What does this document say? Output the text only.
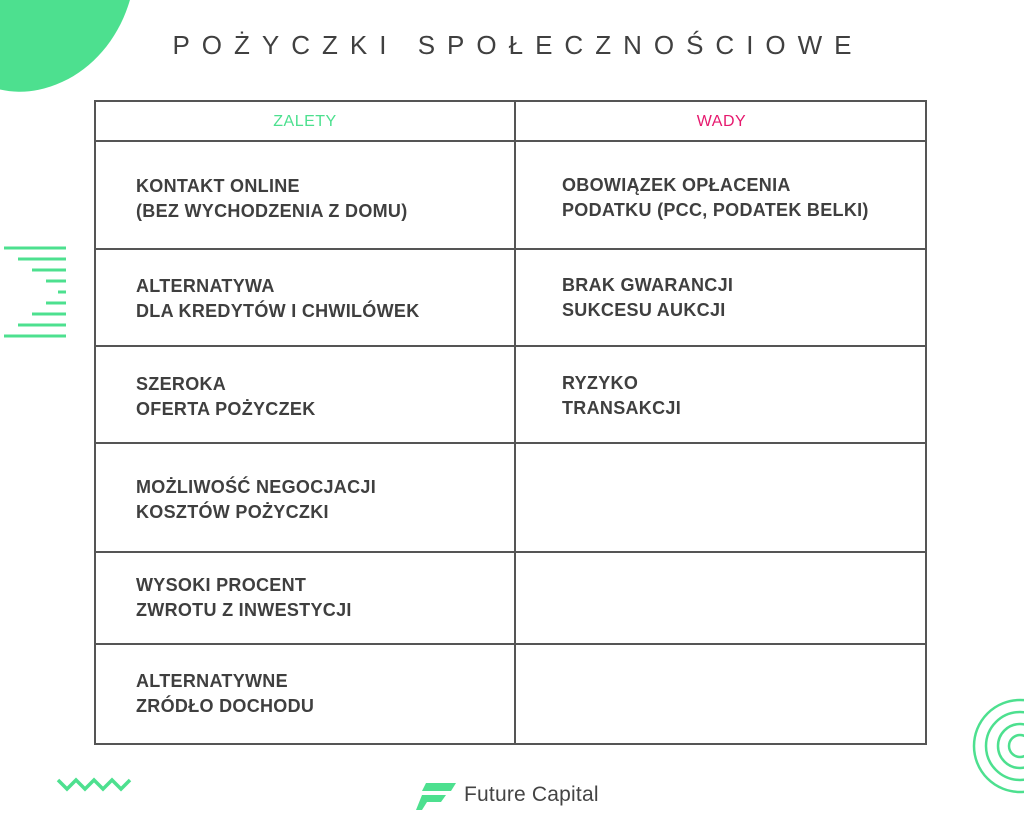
POŻYCZKI SPOŁECZNOŚCIOWE
ZALETY	WADY
KONTAKT ONLINE
(BEZ WYCHODZENIA Z DOMU)
ALTERNATYWA
DLA KREDYTÓW I CHWILÓWEK
SZEROKA
OFERTA POŻYCZEK
MOŻLIWOŚĆ NEGOCJACJI
KOSZTÓW POŻYCZKI
WYSOKI PROCENT
ZWROTU Z INWESTYCJI
ALTERNATYWNE
ZRÓDŁO DOCHODU
OBOWIĄZEK OPŁACENIA
PODATKU (PCC, PODATEK BELKI)
BRAK GWARANCJI
SUKCESU AUKCJI
RYZYKO
TRANSAKCJI
Future Capital
